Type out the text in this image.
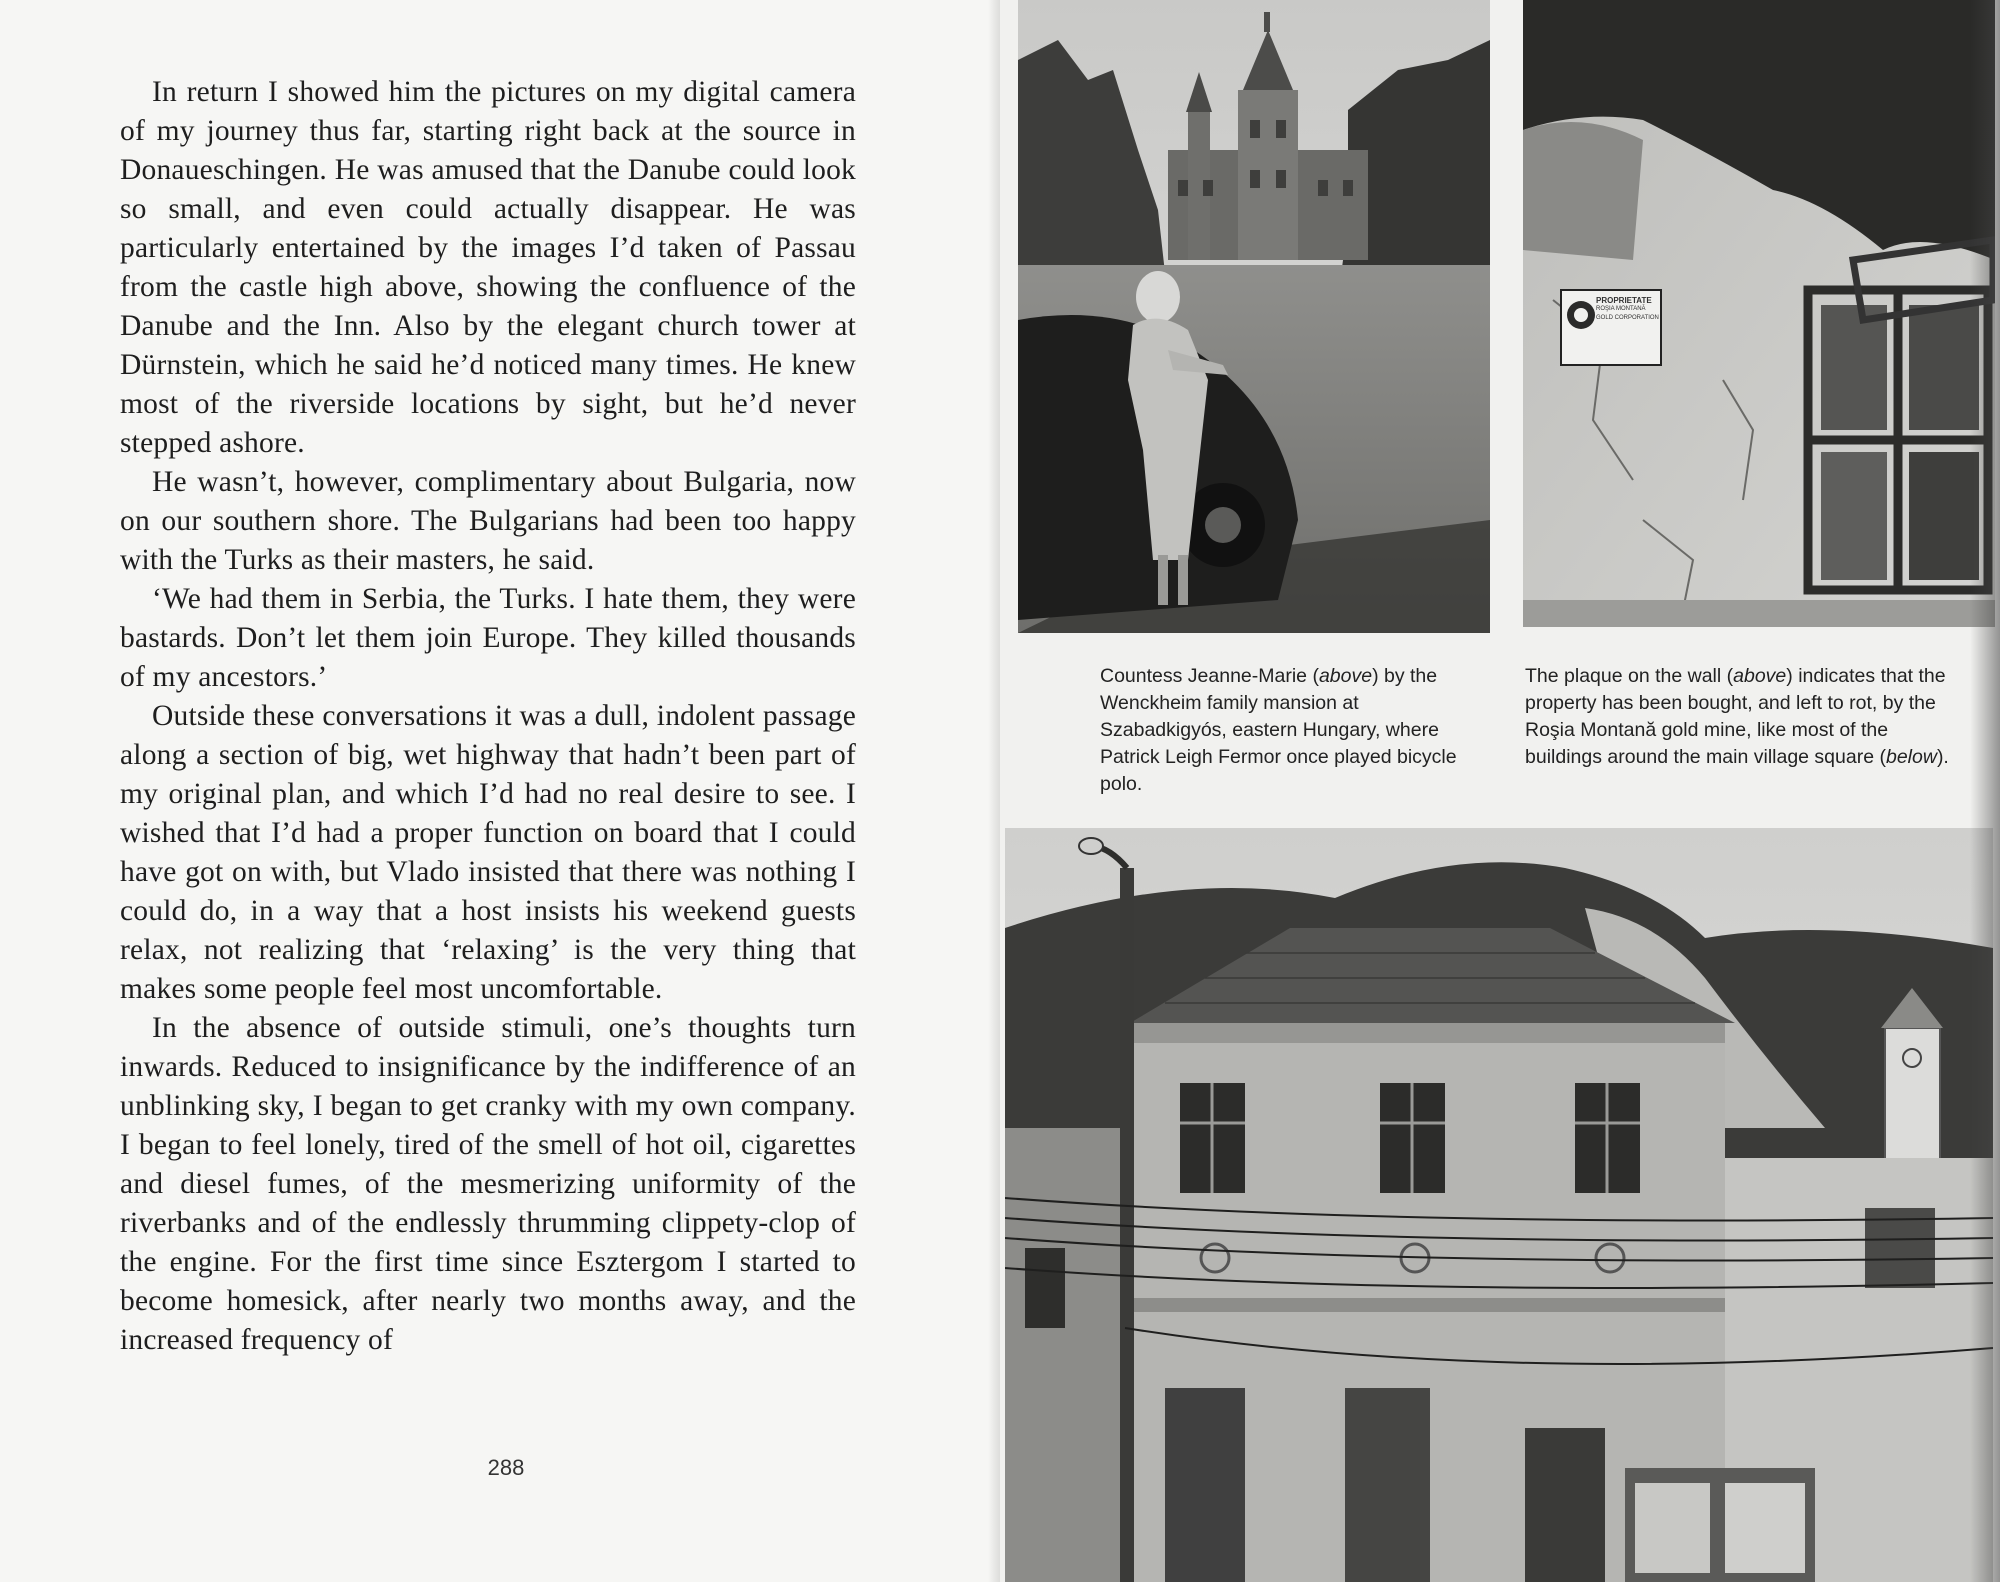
In return I showed him the pictures on my digital camera of my journey thus far, starting right back at the source in Donaueschingen. He was amused that the Danube could look so small, and even could actually disappear. He was particularly entertained by the images I’d taken of Passau from the castle high above, showing the confluence of the Danube and the Inn. Also by the elegant church tower at Dürnstein, which he said he’d noticed many times. He knew most of the riverside locations by sight, but he’d never stepped ashore.

He wasn’t, however, complimentary about Bulgaria, now on our southern shore. The Bulgarians had been too happy with the Turks as their masters, he said.

‘We had them in Serbia, the Turks. I hate them, they were bastards. Don’t let them join Europe. They killed thousands of my ancestors.’

Outside these conversations it was a dull, indolent passage along a section of big, wet highway that hadn’t been part of my original plan, and which I’d had no real desire to see. I wished that I’d had a proper function on board that I could have got on with, but Vlado insisted that there was nothing I could do, in a way that a host insists his weekend guests relax, not realizing that ‘relaxing’ is the very thing that makes some people feel most uncomfortable.

In the absence of outside stimuli, one’s thoughts turn inwards. Reduced to insignificance by the indifference of an unblinking sky, I began to get cranky with my own company. I began to feel lonely, tired of the smell of hot oil, cigarettes and diesel fumes, of the mesmerizing uniformity of the riverbanks and of the endlessly thrumming clippety-clop of the engine. For the first time since Esztergom I started to become homesick, after nearly two months away, and the increased frequency of

288
PROPRIETATE
ROŞIA MONTANĂ
GOLD CORPORATION

Countess Jeanne-Marie (above) by the Wenckheim family mansion at Szabadkigyós, eastern Hungary, where Patrick Leigh Fermor once played bicycle polo.

The plaque on the wall (above) indicates that the property has been bought, and left to rot, by the Roşia Montană gold mine, like most of the buildings around the main village square (below).
